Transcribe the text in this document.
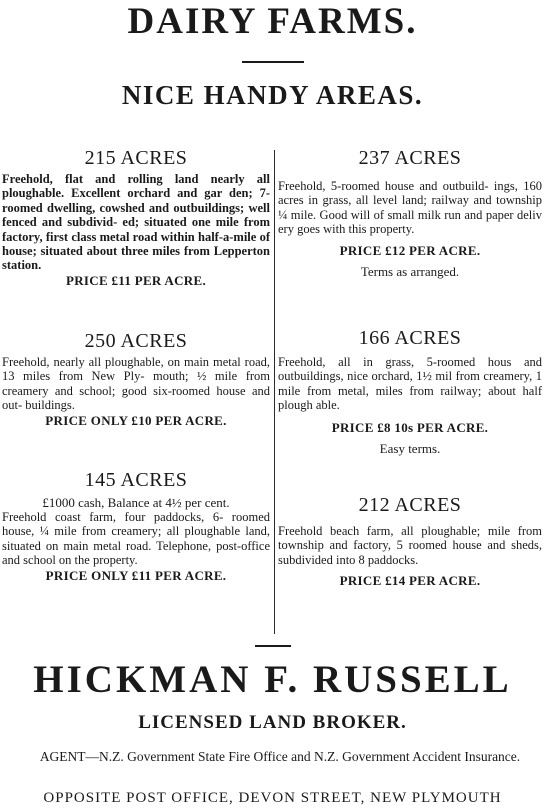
DAIRY FARMS.
NICE HANDY AREAS.
215 ACRES
Freehold, flat and rolling land nearly all ploughable. Excellent orchard and gar den; 7-roomed dwelling, cowshed and outbuildings; well fenced and subdivid- ed; situated one mile from factory, first class metal road within half-a-mile of house; situated about three miles from Lepperton station.
PRICE £11 PER ACRE.
250 ACRES
Freehold, nearly all ploughable, on main metal road, 13 miles from New Ply- mouth; ½ mile from creamery and school; good six-roomed house and out- buildings.
PRICE ONLY £10 PER ACRE.
145 ACRES
£1000 cash, Balance at 4½ per cent.
Freehold coast farm, four paddocks, 6- roomed house, ¼ mile from creamery; all ploughable land, situated on main metal road. Telephone, post-office and school on the property.
PRICE ONLY £11 PER ACRE.
237 ACRES
Freehold, 5-roomed house and outbuild- ings, 160 acres in grass, all level land; railway and township ¼ mile. Good will of small milk run and paper deliv ery goes with this property.
PRICE £12 PER ACRE.
Terms as arranged.
166 ACRES
Freehold, all in grass, 5-roomed hous and outbuildings, nice orchard, 1½ mil from creamery, 1 mile from metal, miles from railway; about half plough able.
PRICE £8 10s PER ACRE.
Easy terms.
212 ACRES
Freehold beach farm, all ploughable; mile from township and factory, 5 roomed house and sheds, subdivided into 8 paddocks.
PRICE £14 PER ACRE.
HICKMAN F. RUSSELL
LICENSED LAND BROKER.
AGENT—N.Z. Government State Fire Office and N.Z. Government Accident Insurance.
OPPOSITE POST OFFICE, DEVON STREET, NEW PLYMOUTH
